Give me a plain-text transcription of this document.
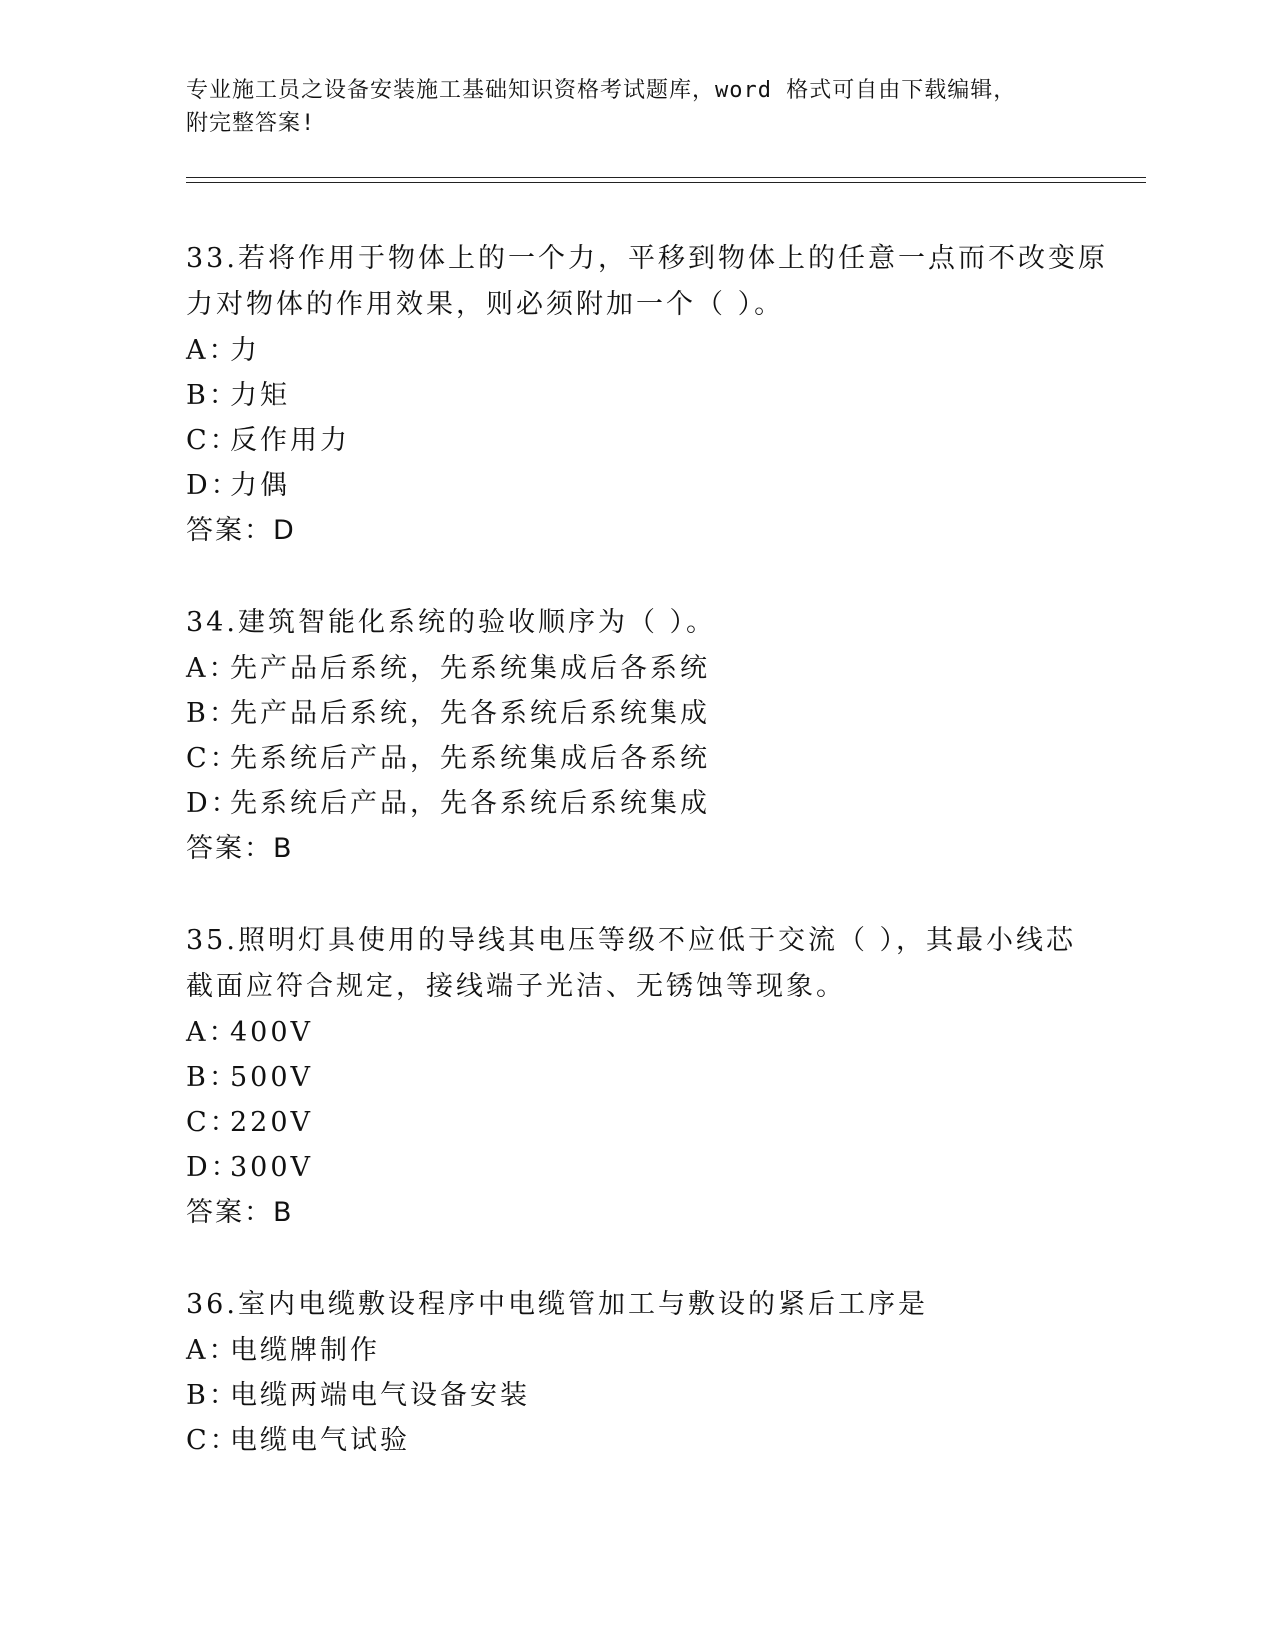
专业施工员之设备安装施工基础知识资格考试题库，word 格式可自由下载编辑，
附完整答案!
33.若将作用于物体上的一个力，平移到物体上的任意一点而不改变原
力对物体的作用效果，则必须附加一个（ ）。
A：
力
B：
力矩
C：
反作用力
D：
力偶
答案：D
34.建筑智能化系统的验收顺序为（ ）。
A：
先产品后系统，先系统集成后各系统
B：
先产品后系统，先各系统后系统集成
C：
先系统后产品，先系统集成后各系统
D：
先系统后产品，先各系统后系统集成
答案：B
35.照明灯具使用的导线其电压等级不应低于交流（ ），其最小线芯
截面应符合规定，接线端子光洁、无锈蚀等现象。
A：
400V
B：
500V
C：
220V
D：
300V
答案：B
36.室内电缆敷设程序中电缆管加工与敷设的紧后工序是
A：
电缆牌制作
B：
电缆两端电气设备安装
C：
电缆电气试验
